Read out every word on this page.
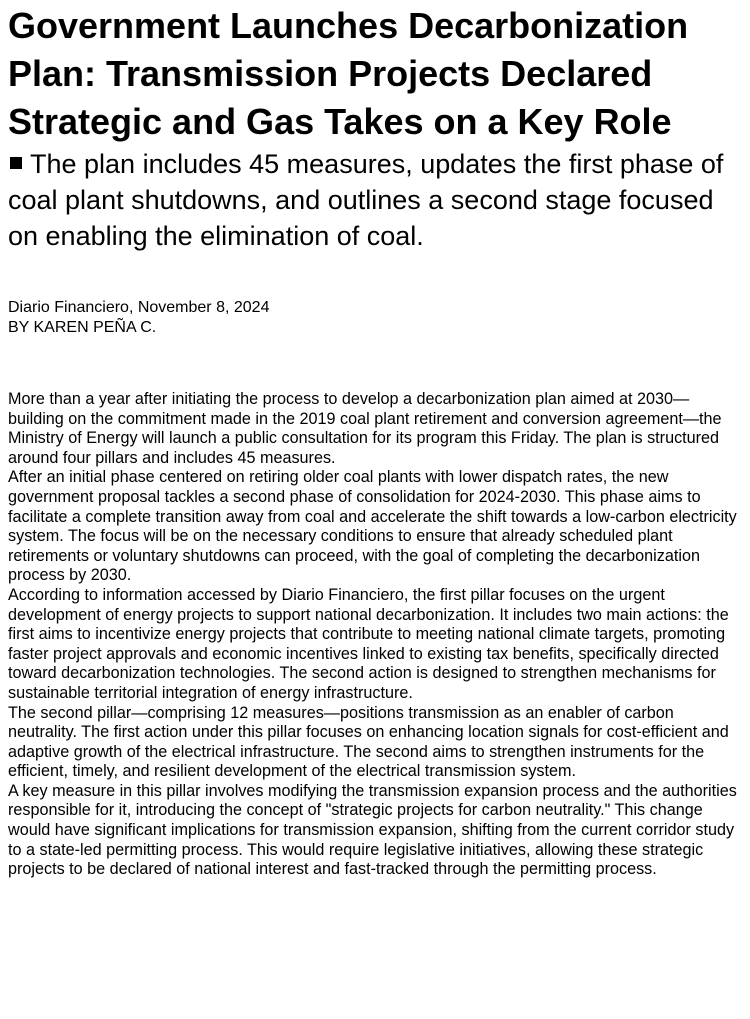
Government Launches Decarbonization Plan: Transmission Projects Declared Strategic and Gas Takes on a Key Role
The plan includes 45 measures, updates the first phase of coal plant shutdowns, and outlines a second stage focused on enabling the elimination of coal.
Diario Financiero, November 8, 2024
BY KAREN PEÑA C.

More than a year after initiating the process to develop a decarbonization plan aimed at 2030—building on the commitment made in the 2019 coal plant retirement and conversion agreement—the Ministry of Energy will launch a public consultation for its program this Friday. The plan is structured around four pillars and includes 45 measures.

After an initial phase centered on retiring older coal plants with lower dispatch rates, the new government proposal tackles a second phase of consolidation for 2024-2030. This phase aims to facilitate a complete transition away from coal and accelerate the shift towards a low-carbon electricity system. The focus will be on the necessary conditions to ensure that already scheduled plant retirements or voluntary shutdowns can proceed, with the goal of completing the decarbonization process by 2030.

According to information accessed by Diario Financiero, the first pillar focuses on the urgent development of energy projects to support national decarbonization. It includes two main actions: the first aims to incentivize energy projects that contribute to meeting national climate targets, promoting faster project approvals and economic incentives linked to existing tax benefits, specifically directed toward decarbonization technologies. The second action is designed to strengthen mechanisms for sustainable territorial integration of energy infrastructure.

The second pillar—comprising 12 measures—positions transmission as an enabler of carbon neutrality. The first action under this pillar focuses on enhancing location signals for cost-efficient and adaptive growth of the electrical infrastructure. The second aims to strengthen instruments for the efficient, timely, and resilient development of the electrical transmission system.

A key measure in this pillar involves modifying the transmission expansion process and the authorities responsible for it, introducing the concept of "strategic projects for carbon neutrality." This change would have significant implications for transmission expansion, shifting from the current corridor study to a state-led permitting process. This would require legislative initiatives, allowing these strategic projects to be declared of national interest and fast-tracked through the permitting process.
